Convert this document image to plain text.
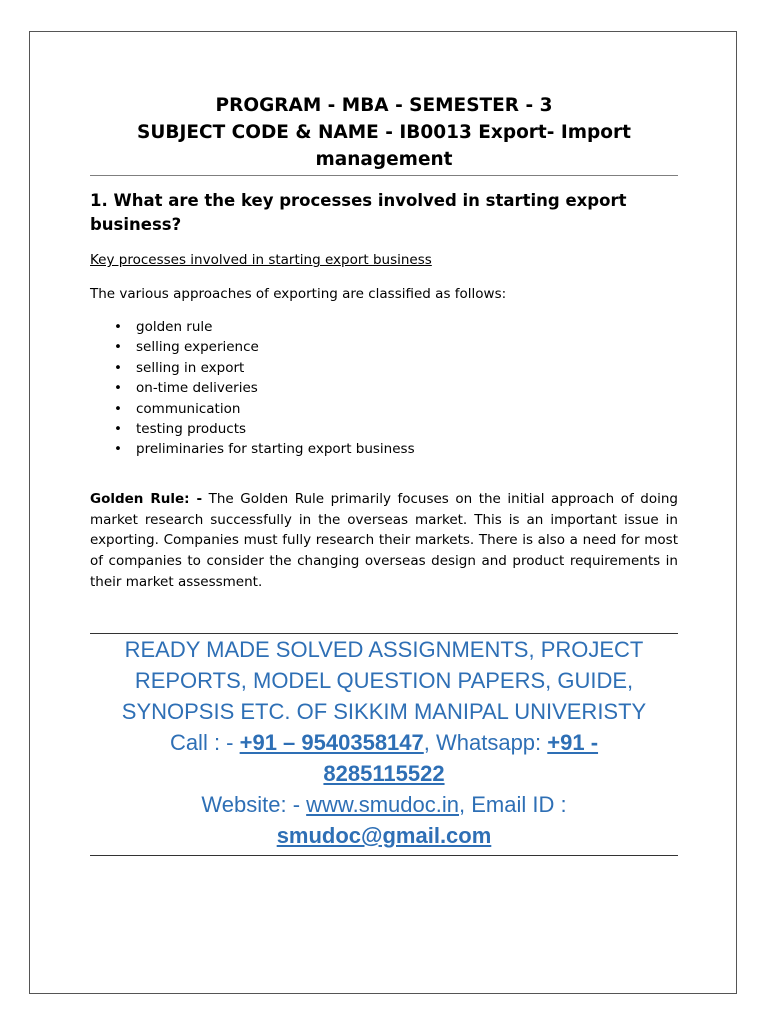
PROGRAM - MBA - SEMESTER - 3
SUBJECT CODE & NAME - IB0013 Export- Import
management

1. What are the key processes involved in starting export business?

Key processes involved in starting export business

The various approaches of exporting are classified as follows:

• golden rule
• selling experience
• selling in export
• on-time deliveries
• communication
• testing products
• preliminaries for starting export business

Golden Rule: - The Golden Rule primarily focuses on the initial approach of doing market research successfully in the overseas market. This is an important issue in exporting. Companies must fully research their markets. There is also a need for most of companies to consider the changing overseas design and product requirements in their market assessment.

READY MADE SOLVED ASSIGNMENTS, PROJECT
REPORTS, MODEL QUESTION PAPERS, GUIDE,
SYNOPSIS ETC. OF SIKKIM MANIPAL UNIVERISTY
Call : - +91 – 9540358147, Whatsapp: +91 -
8285115522
Website: - www.smudoc.in, Email ID :
smudoc@gmail.com
